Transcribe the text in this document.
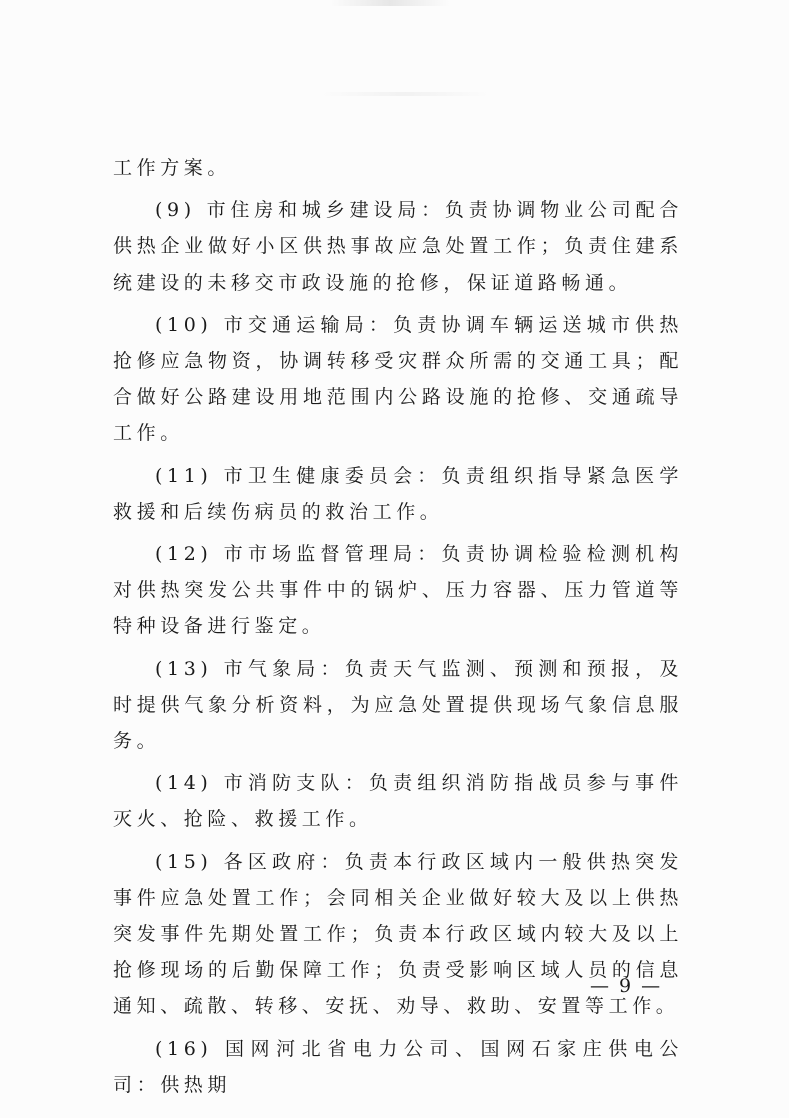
工作方案。

(9) 市住房和城乡建设局：负责协调物业公司配合供热企业做好小区供热事故应急处置工作；负责住建系统建设的未移交市政设施的抢修，保证道路畅通。

(10) 市交通运输局：负责协调车辆运送城市供热抢修应急物资，协调转移受灾群众所需的交通工具；配合做好公路建设用地范围内公路设施的抢修、交通疏导工作。

(11) 市卫生健康委员会：负责组织指导紧急医学救援和后续伤病员的救治工作。

(12) 市市场监督管理局：负责协调检验检测机构对供热突发公共事件中的锅炉、压力容器、压力管道等特种设备进行鉴定。

(13) 市气象局：负责天气监测、预测和预报，及时提供气象分析资料，为应急处置提供现场气象信息服务。

(14) 市消防支队：负责组织消防指战员参与事件灭火、抢险、救援工作。

(15) 各区政府：负责本行政区域内一般供热突发事件应急处置工作；会同相关企业做好较大及以上供热突发事件先期处置工作；负责本行政区域内较大及以上抢修现场的后勤保障工作；负责受影响区域人员的信息通知、疏散、转移、安抚、劝导、救助、安置等工作。

(16) 国网河北省电力公司、国网石家庄供电公司：供热期

— 9 —
